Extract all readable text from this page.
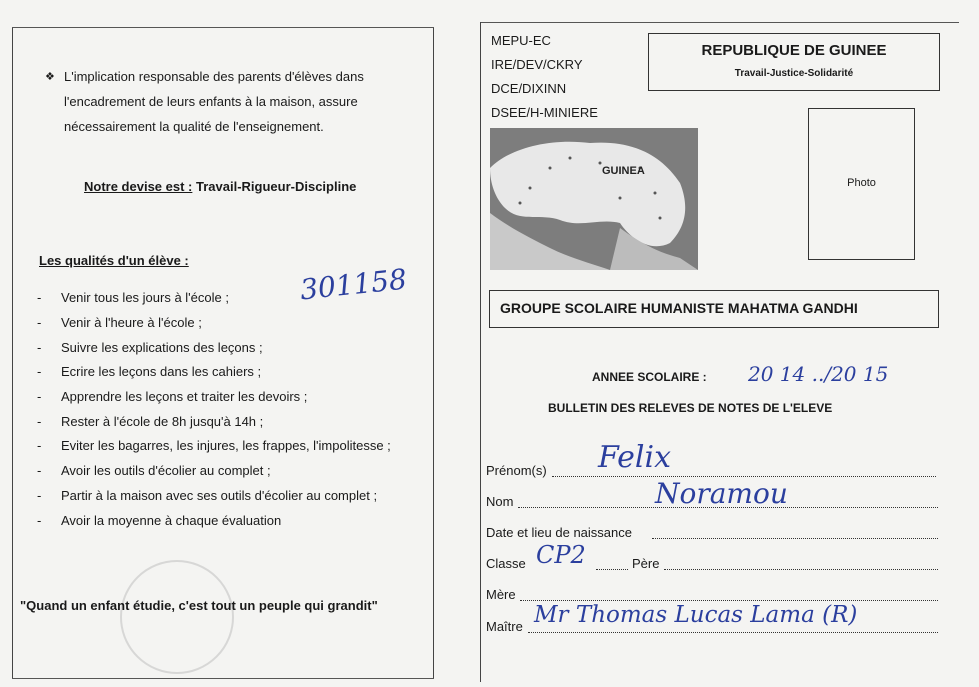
❖ L'implication responsable des parents d'élèves dans
l'encadrement de leurs enfants à la maison, assure
nécessairement la qualité de l'enseignement.
Notre devise est : Travail-Rigueur-Discipline
Les qualités d'un élève :
301158
- Venir tous les jours à l'école ;
- Venir à l'heure à l'école ;
- Suivre les explications des leçons ;
- Ecrire les leçons dans les cahiers ;
- Apprendre les leçons et traiter les devoirs ;
- Rester à l'école de 8h jusqu'à 14h ;
- Eviter les bagarres, les injures, les frappes, l'impolitesse ;
- Avoir les outils d'écolier au complet ;
- Partir à la maison avec ses outils d'écolier au complet ;
- Avoir la moyenne à chaque évaluation
"Quand un enfant étudie, c'est tout un peuple qui grandit"
MEPU-EC
IRE/DEV/CKRY
DCE/DIXINN
DSEE/H-MINIERE
REPUBLIQUE DE GUINEE
Travail-Justice-Solidarité
GUINEA
Photo
GROUPE SCOLAIRE HUMANISTE MAHATMA GANDHI
ANNEE SCOLAIRE : 20 14 ../20 15
BULLETIN DES RELEVES DE NOTES DE L'ELEVE
Prénom(s) Felix
Nom	Noramou
Date et lieu de naissance
Classe CP2	Père
Mère
Maître Mr Thomas Lucas Lama (R)
